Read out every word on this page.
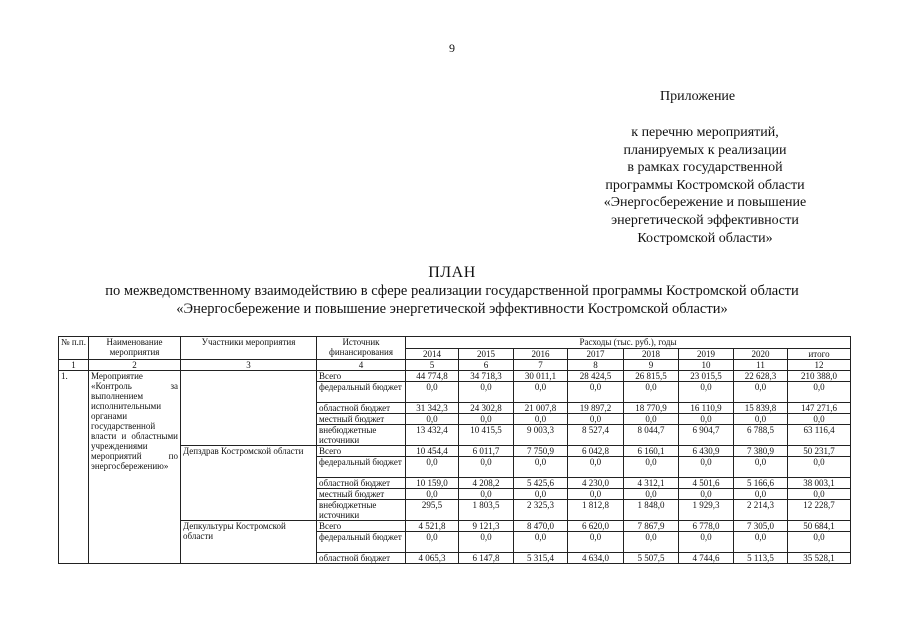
9
Приложение
к перечню мероприятий,
планируемых к реализации
в рамках государственной
программы Костромской области
«Энергосбережение и повышение
энергетической эффективности
Костромской области»
ПЛАН
по межведомственному взаимодействию в сфере реализации государственной программы Костромской области
«Энергосбережение и повышение энергетической эффективности Костромской области»
№ п.п.	Наименование мероприятия	Участники мероприятия	Источник финансирования	Расходы (тыс. руб.), годы							
				2014	2015	2016	2017	2018	2019	2020	итого
1	2	3	4	5	6	7	8	9	10	11	12
1.	Мероприятие «Контроль за выполнением исполнительными органами государственной власти и областными учреждениями мероприятий по энергосбережению»		Всего	44 774,8	34 718,3	30 011,1	28 424,5	26 815,5	23 015,5	22 628,3	210 388,0
			федеральный бюджет	0,0	0,0	0,0	0,0	0,0	0,0	0,0	0,0
			областной бюджет	31 342,3	24 302,8	21 007,8	19 897,2	18 770,9	16 110,9	15 839,8	147 271,6
			местный бюджет	0,0	0,0	0,0	0,0	0,0	0,0	0,0	0,0
			внебюджетные источники	13 432,4	10 415,5	9 003,3	8 527,4	8 044,7	6 904,7	6 788,5	63 116,4
		Депздрав Костромской области	Всего	10 454,4	6 011,7	7 750,9	6 042,8	6 160,1	6 430,9	7 380,9	50 231,7
			федеральный бюджет	0,0	0,0	0,0	0,0	0,0	0,0	0,0	0,0
			областной бюджет	10 159,0	4 208,2	5 425,6	4 230,0	4 312,1	4 501,6	5 166,6	38 003,1
			местный бюджет	0,0	0,0	0,0	0,0	0,0	0,0	0,0	0,0
			внебюджетные источники	295,5	1 803,5	2 325,3	1 812,8	1 848,0	1 929,3	2 214,3	12 228,7
		Депкультуры Костромской области	Всего	4 521,8	9 121,3	8 470,0	6 620,0	7 867,9	6 778,0	7 305,0	50 684,1
			федеральный бюджет	0,0	0,0	0,0	0,0	0,0	0,0	0,0	0,0
			областной бюджет	4 065,3	6 147,8	5 315,4	4 634,0	5 507,5	4 744,6	5 113,5	35 528,1
